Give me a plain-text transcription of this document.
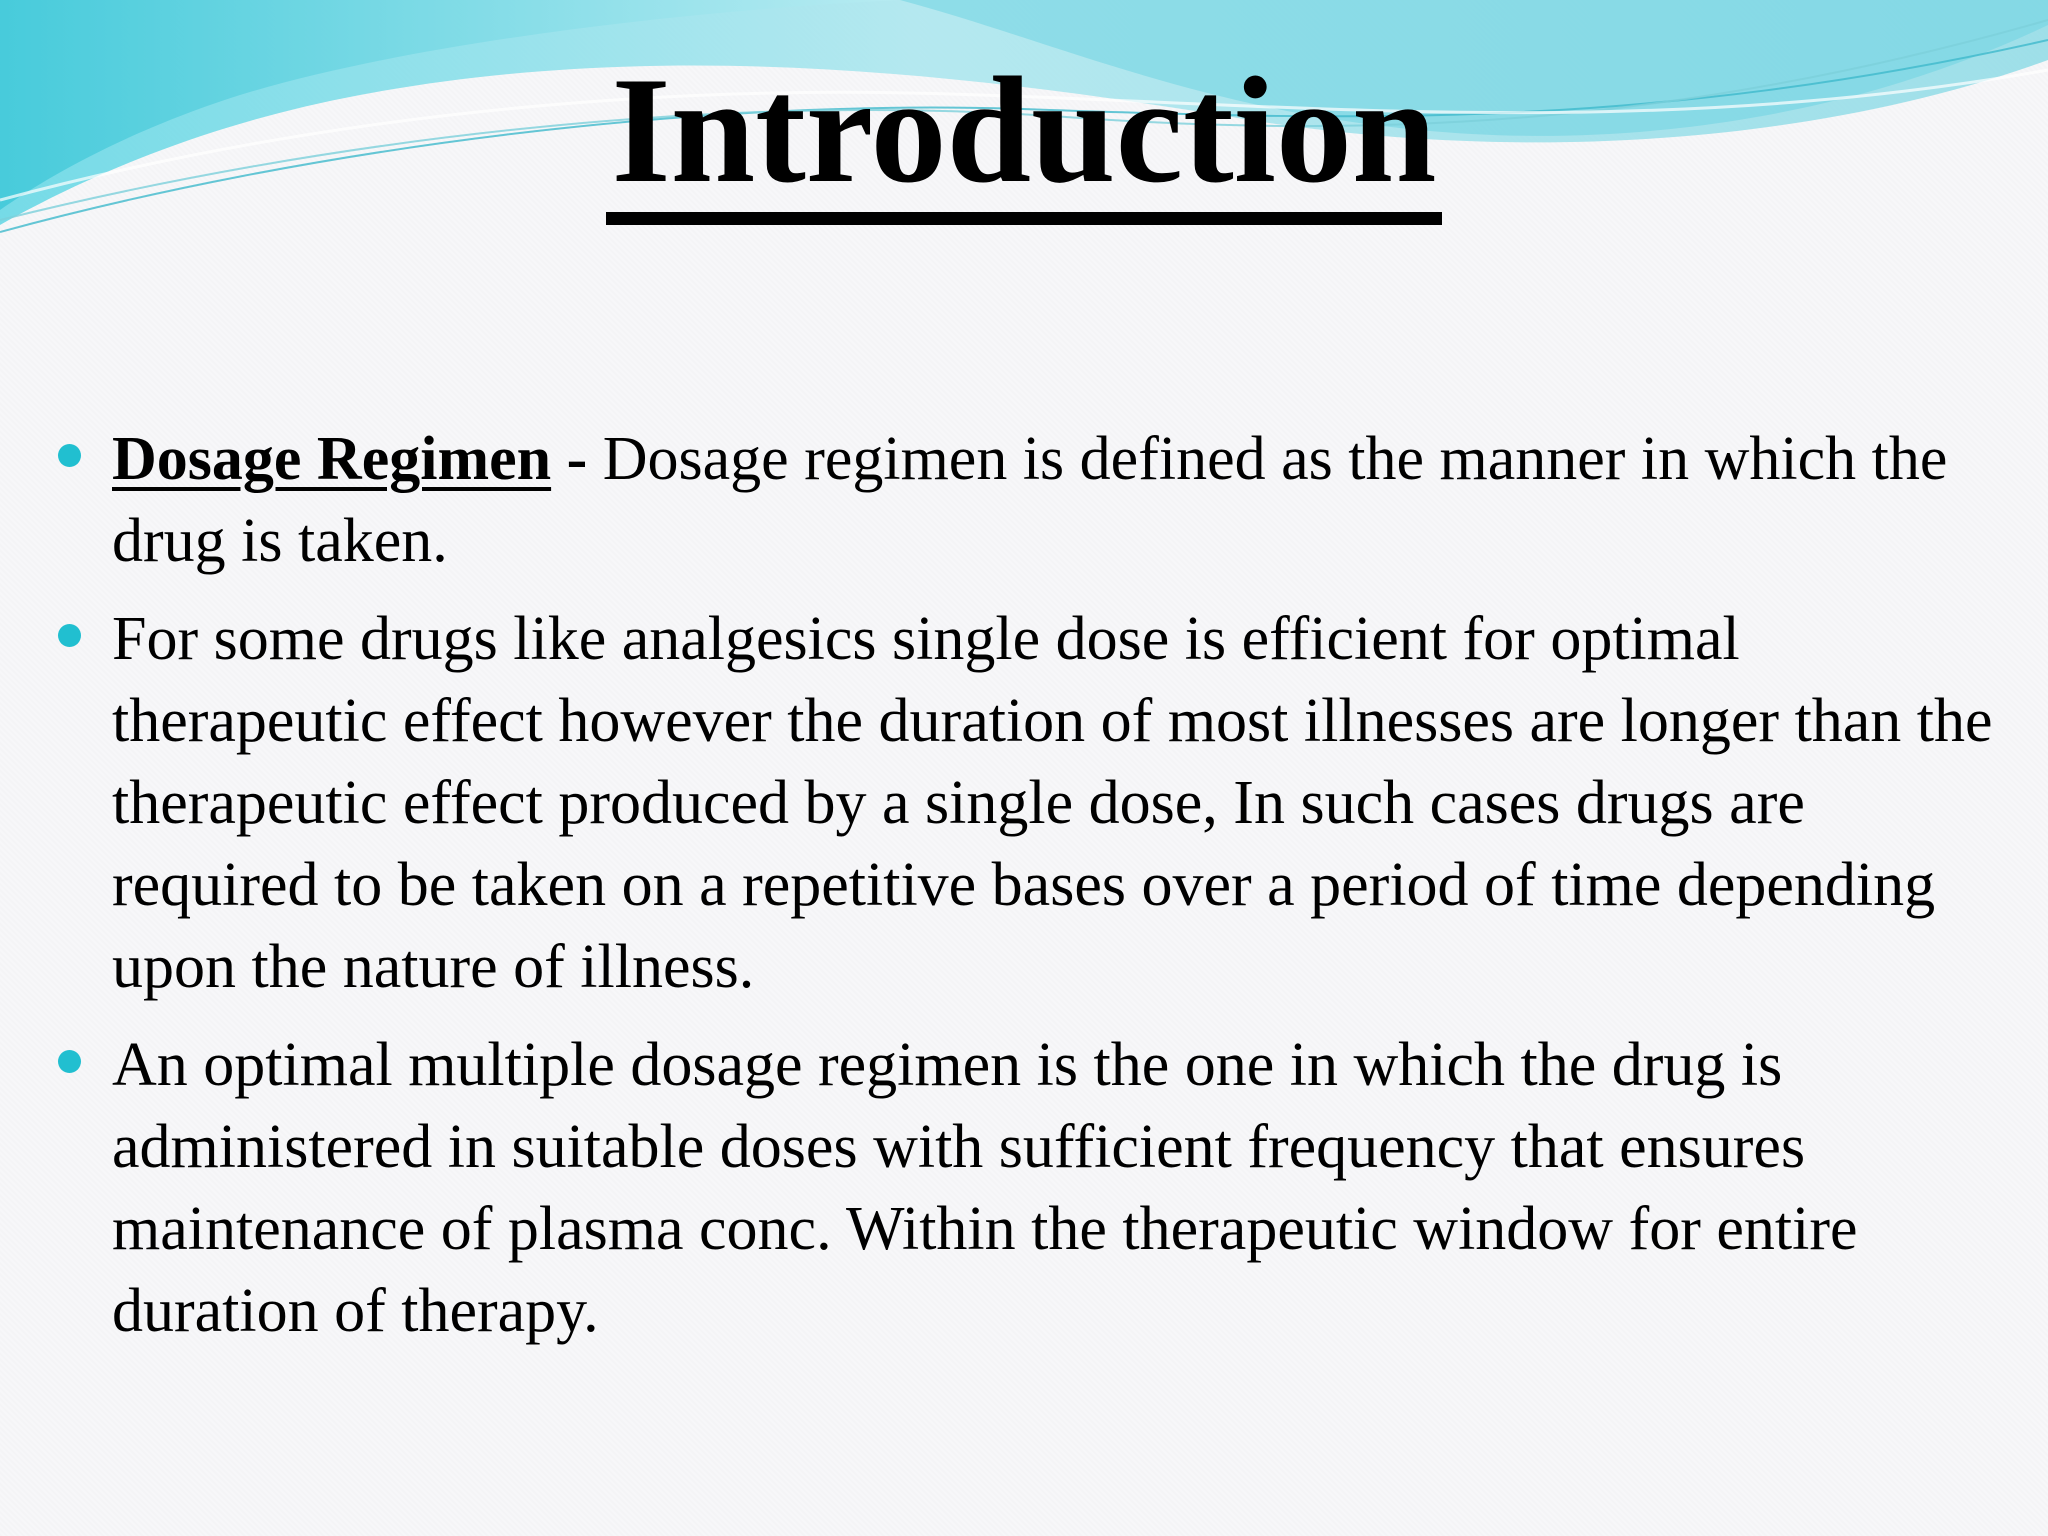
Introduction
Dosage Regimen - Dosage regimen is defined as the manner in which the drug is taken.
For some drugs like analgesics single dose is efficient for optimal therapeutic effect however the duration of most illnesses are longer than the therapeutic effect produced by a single dose, In such cases drugs are required to be taken on a repetitive bases over a period of time depending upon the nature of illness.
An optimal multiple dosage regimen is the one in which the drug is administered in suitable doses with sufficient frequency that ensures maintenance of plasma conc. Within the therapeutic window for entire duration of therapy.
